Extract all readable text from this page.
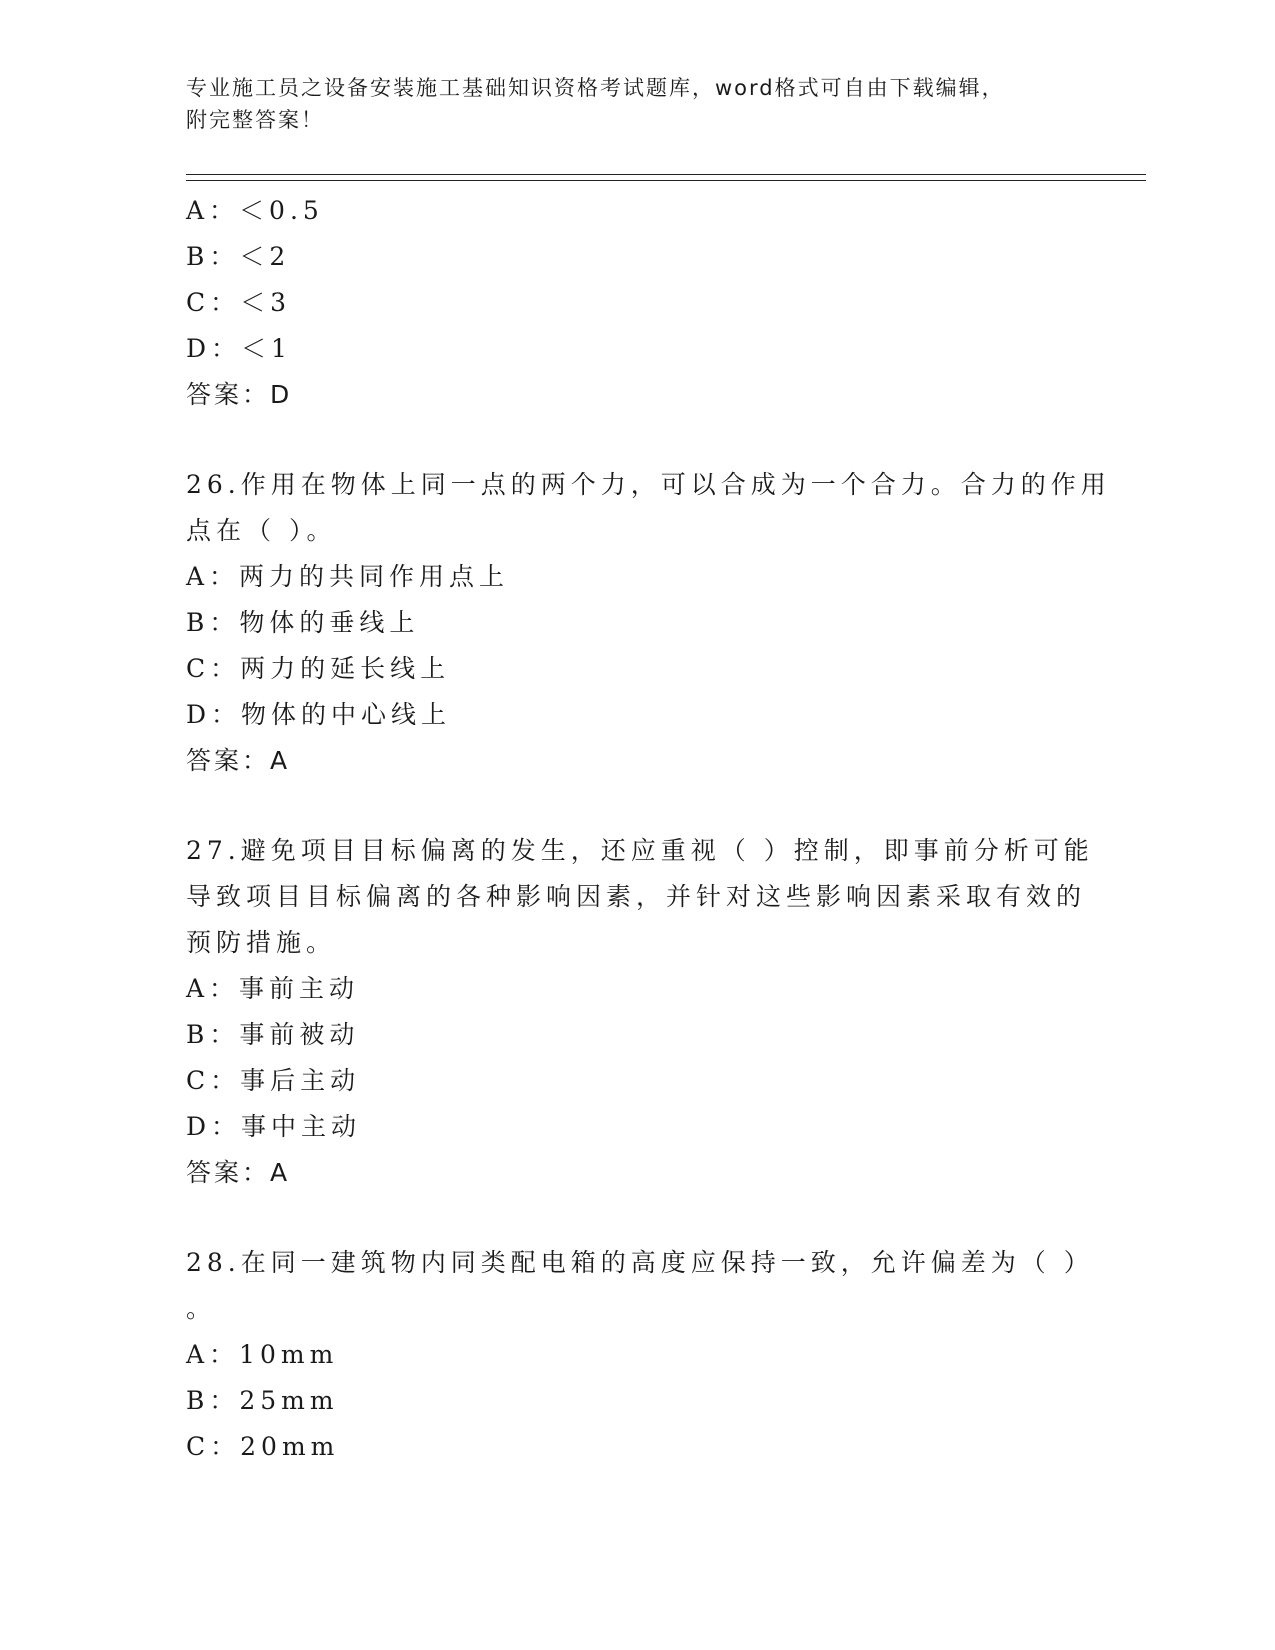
专业施工员之设备安装施工基础知识资格考试题库，word格式可自由下载编辑，
附完整答案！
A：＜0.5
B：＜2
C：＜3
D：＜1
答案：D
26.作用在物体上同一点的两个力，可以合成为一个合力。合力的作用
点在（ ）。
A：两力的共同作用点上
B：物体的垂线上
C：两力的延长线上
D：物体的中心线上
答案：A
27.避免项目目标偏离的发生，还应重视（ ）控制，即事前分析可能
导致项目目标偏离的各种影响因素，并针对这些影响因素采取有效的
预防措施。
A：事前主动
B：事前被动
C：事后主动
D：事中主动
答案：A
28.在同一建筑物内同类配电箱的高度应保持一致，允许偏差为（ ）
。
A：10mm
B：25mm
C：20mm
